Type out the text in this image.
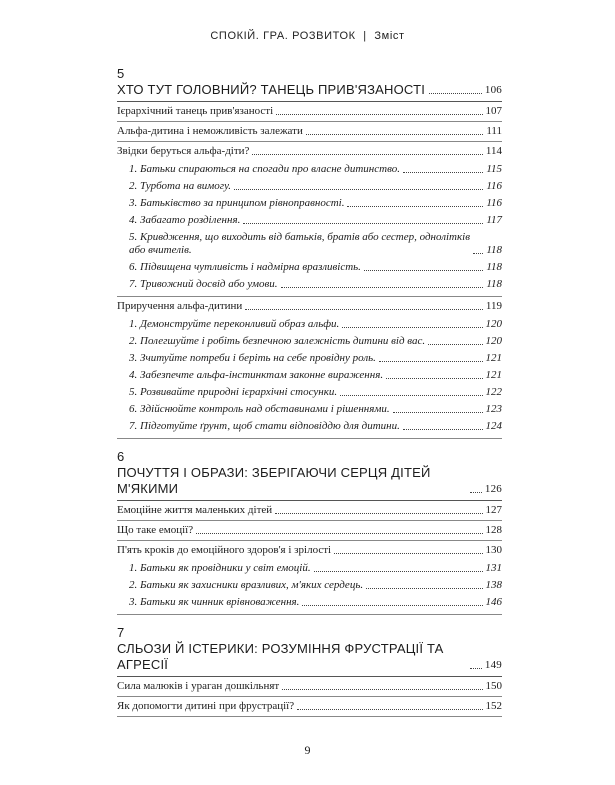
СПОКІЙ. ГРА. РОЗВИТОК | Зміст
5
ХТО ТУТ ГОЛОВНИЙ? ТАНЕЦЬ ПРИВ'ЯЗАНОСТІ	106
Ієрархічний танець прив'язаності	107
Альфа-дитина і неможливість залежати	111
Звідки беруться альфа-діти?	114
1. Батьки спираються на спогади про власне дитинство.	115
2. Турбота на вимогу.	116
3. Батьківство за принципом рівноправності.	116
4. Забагато розділення.	117
5. Кривдження, що виходить від батьків, братів або сестер, однолітків або вчителів.	118
6. Підвищена чутливість і надмірна вразливість.	118
7. Тривожний досвід або умови.	118
Приручення альфа-дитини	119
1. Демонструйте переконливий образ альфи.	120
2. Полегшуйте і робіть безпечною залежність дитини від вас.	120
3. Зчитуйте потреби і беріть на себе провідну роль.	121
4. Забезпечте альфа-інстинктам законне вираження.	121
5. Розвивайте природні ієрархічні стосунки.	122
6. Здійснюйте контроль над обставинами і рішеннями.	123
7. Підготуйте ґрунт, щоб стати відповіддю для дитини.	124
6
ПОЧУТТЯ І ОБРАЗИ: ЗБЕРІГАЮЧИ СЕРЦЯ ДІТЕЙ М'ЯКИМИ	126
Емоційне життя маленьких дітей	127
Що таке емоції?	128
П'ять кроків до емоційного здоров'я і зрілості	130
1. Батьки як провідники у світ емоцій.	131
2. Батьки як захисники вразливих, м'яких сердець.	138
3. Батьки як чинник врівноваження.	146
7
СЛЬОЗИ Й ІСТЕРИКИ: РОЗУМІННЯ ФРУСТРАЦІЇ ТА АГРЕСІЇ	149
Сила малюків і ураган дошкільнят	150
Як допомогти дитині при фрустрації?	152
9
